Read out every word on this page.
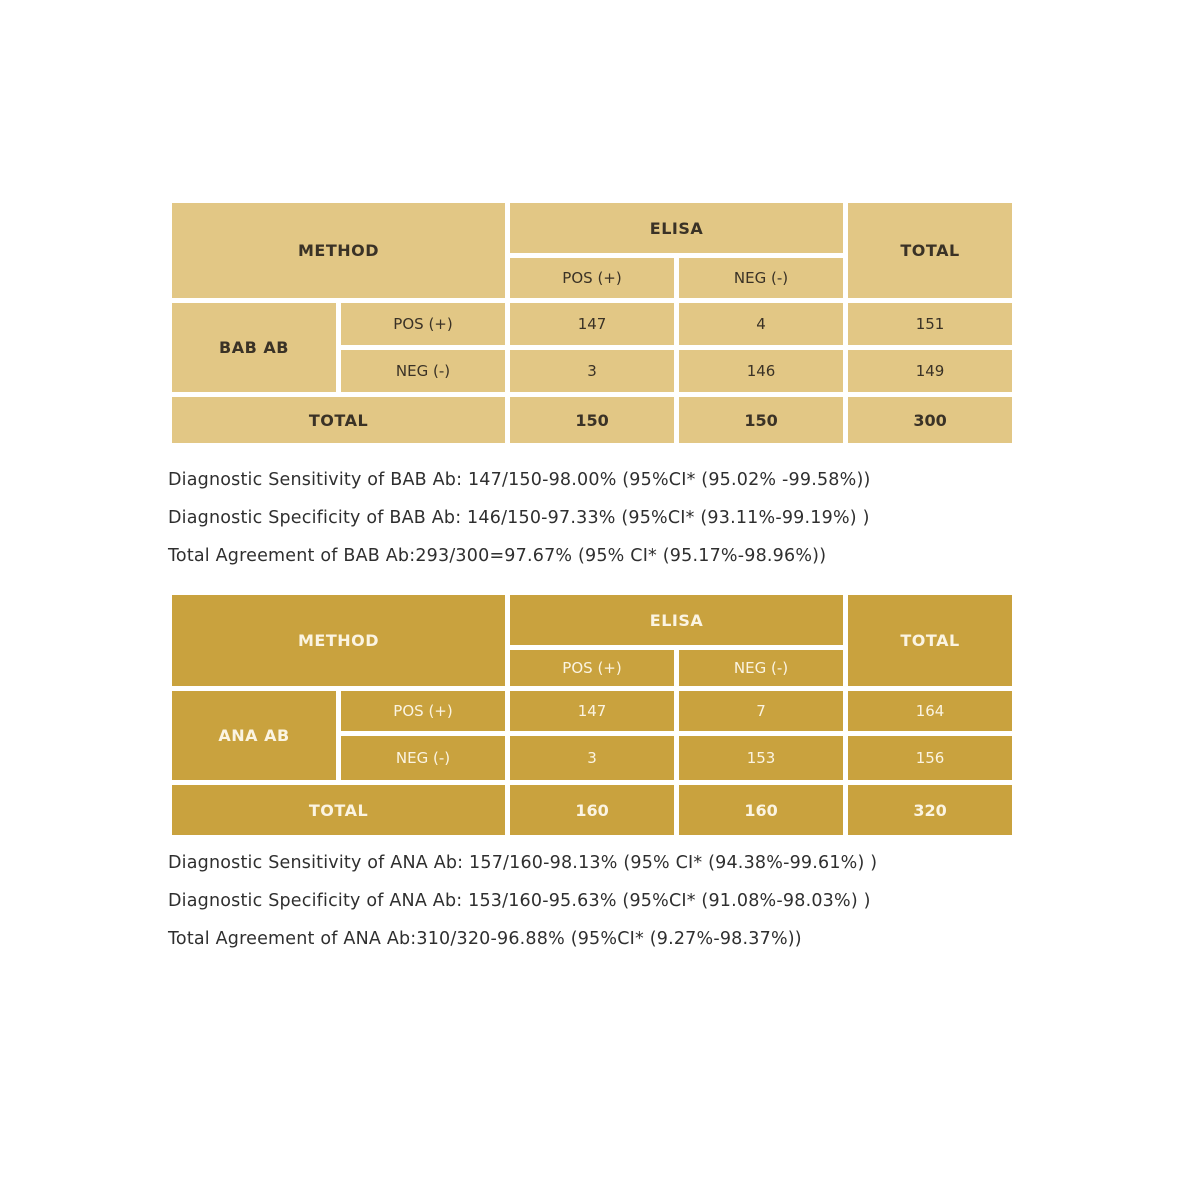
METHOD		ELISA		TOTAL
		POS (+)	NEG (-)	
BAB AB	POS (+)	147	4	151
	NEG (-)	3	146	149
TOTAL		150	150	300
Diagnostic Sensitivity of BAB Ab: 147/150-98.00% (95%CI* (95.02% -99.58%))
Diagnostic Specificity of BAB Ab: 146/150-97.33% (95%CI* (93.11%-99.19%) )
Total Agreement of BAB Ab:293/300=97.67% (95% CI* (95.17%-98.96%))
METHOD		ELISA		TOTAL
		POS (+)	NEG (-)	
ANA AB	POS (+)	147	7	164
	NEG (-)	3	153	156
TOTAL		160	160	320
Diagnostic Sensitivity of ANA Ab: 157/160-98.13% (95% CI* (94.38%-99.61%) )
Diagnostic Specificity of ANA Ab: 153/160-95.63% (95%CI* (91.08%-98.03%) )
Total Agreement of ANA Ab:310/320-96.88% (95%CI* (9.27%-98.37%))
